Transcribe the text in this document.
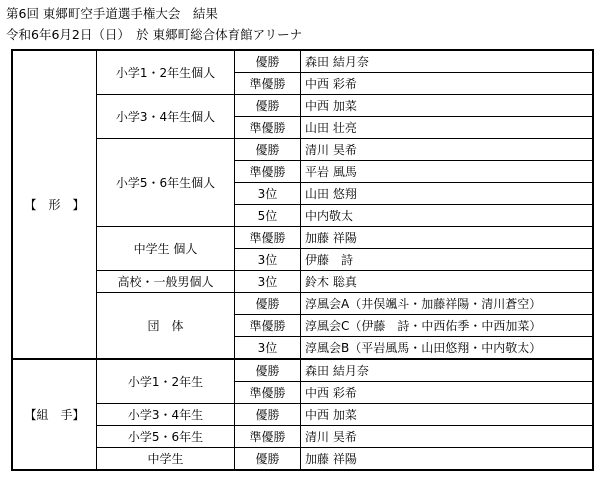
第6回 東郷町空手道選手権大会　結果
令和6年6月2日（日）　於 東郷町総合体育館アリーナ
【　形　】	小学1・2年生個人	優勝	森田 結月奈
		準優勝	中西 彩希
	小学3・4年生個人	優勝	中西 加菜
		準優勝	山田 壮亮
	小学5・6年生個人	優勝	清川 昊希
		準優勝	平岩 風馬
		3位	山田 悠翔
		5位	中内敬太
	中学生 個人	準優勝	加藤 祥陽
		3位	伊藤　詩
	高校・一般男個人	3位	鈴木 聡真
	団　体	優勝	淳風会A（井俣颯斗・加藤祥陽・清川蒼空）
		準優勝	淳風会C（伊藤　詩・中西佑季・中西加菜）
		3位	淳風会B（平岩風馬・山田悠翔・中内敬太）
【組　手】	小学1・2年生	優勝	森田 結月奈
		準優勝	中西 彩希
	小学3・4年生	優勝	中西 加菜
	小学5・6年生	準優勝	清川 昊希
	中学生	優勝	加藤 祥陽
